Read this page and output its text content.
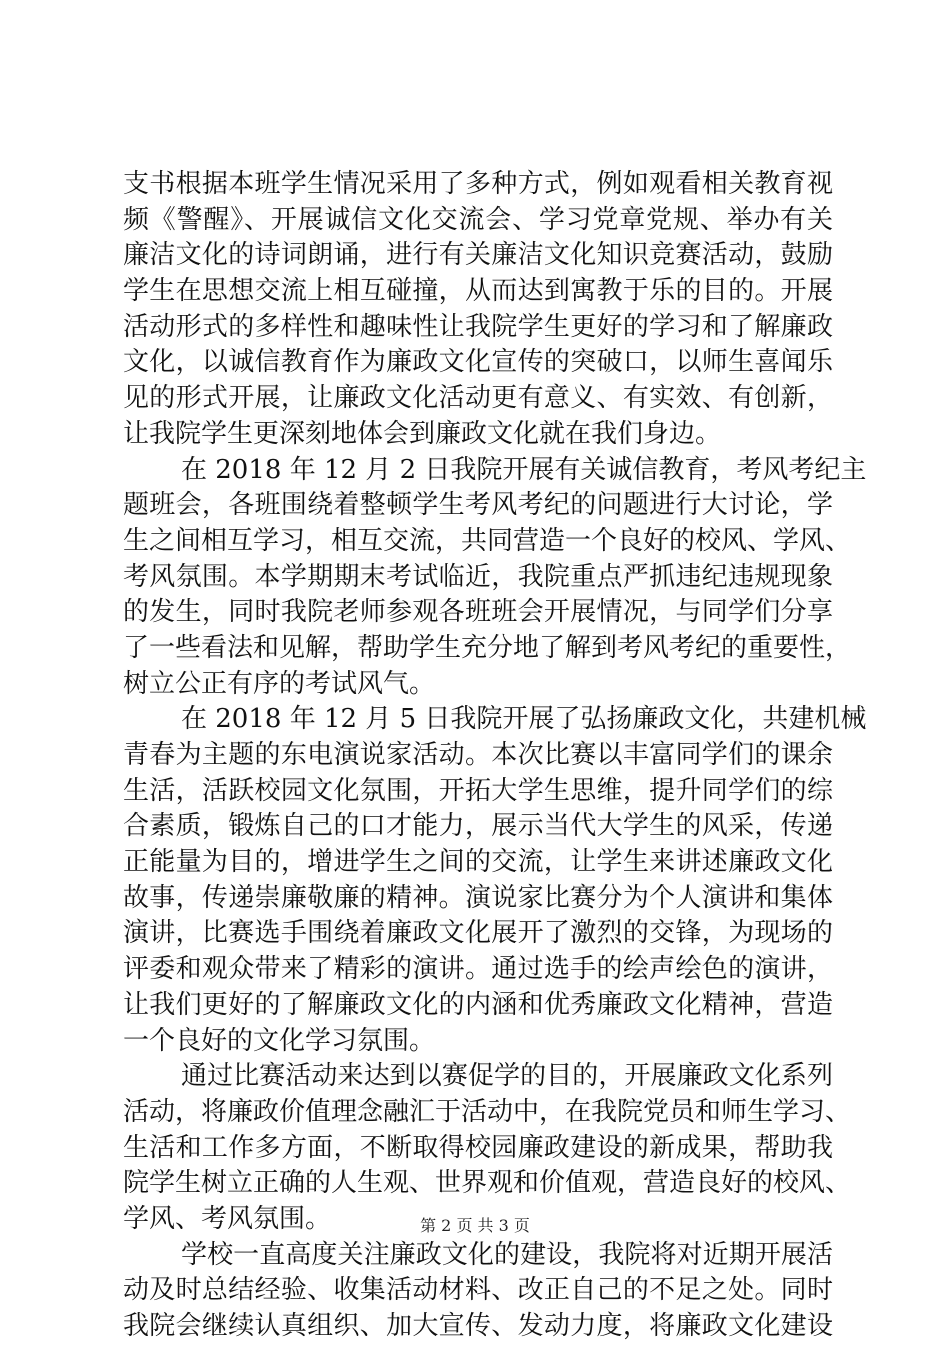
支书根据本班学生情况采用了多种方式，例如观看相关教育视
频《警醒》、开展诚信文化交流会、学习党章党规、举办有关
廉洁文化的诗词朗诵，进行有关廉洁文化知识竞赛活动，鼓励
学生在思想交流上相互碰撞，从而达到寓教于乐的目的。开展
活动形式的多样性和趣味性让我院学生更好的学习和了解廉政
文化，以诚信教育作为廉政文化宣传的突破口，以师生喜闻乐
见的形式开展，让廉政文化活动更有意义、有实效、有创新，
让我院学生更深刻地体会到廉政文化就在我们身边。
在 2018 年 12 月 2 日我院开展有关诚信教育，考风考纪主
题班会，各班围绕着整顿学生考风考纪的问题进行大讨论，学
生之间相互学习，相互交流，共同营造一个良好的校风、学风、
考风氛围。本学期期末考试临近，我院重点严抓违纪违规现象
的发生，同时我院老师参观各班班会开展情况，与同学们分享
了一些看法和见解，帮助学生充分地了解到考风考纪的重要性，
树立公正有序的考试风气。
在 2018 年 12 月 5 日我院开展了弘扬廉政文化，共建机械
青春为主题的东电演说家活动。本次比赛以丰富同学们的课余
生活，活跃校园文化氛围，开拓大学生思维，提升同学们的综
合素质，锻炼自己的口才能力，展示当代大学生的风采，传递
正能量为目的，增进学生之间的交流，让学生来讲述廉政文化
故事，传递崇廉敬廉的精神。演说家比赛分为个人演讲和集体
演讲，比赛选手围绕着廉政文化展开了激烈的交锋，为现场的
评委和观众带来了精彩的演讲。通过选手的绘声绘色的演讲，
让我们更好的了解廉政文化的内涵和优秀廉政文化精神，营造
一个良好的文化学习氛围。
通过比赛活动来达到以赛促学的目的，开展廉政文化系列
活动，将廉政价值理念融汇于活动中，在我院党员和师生学习、
生活和工作多方面，不断取得校园廉政建设的新成果，帮助我
院学生树立正确的人生观、世界观和价值观，营造良好的校风、
学风、考风氛围。
学校一直高度关注廉政文化的建设，我院将对近期开展活
动及时总结经验、收集活动材料、改正自己的不足之处。同时
我院会继续认真组织、加大宣传、发动力度，将廉政文化建设
第 2 页 共 3 页
